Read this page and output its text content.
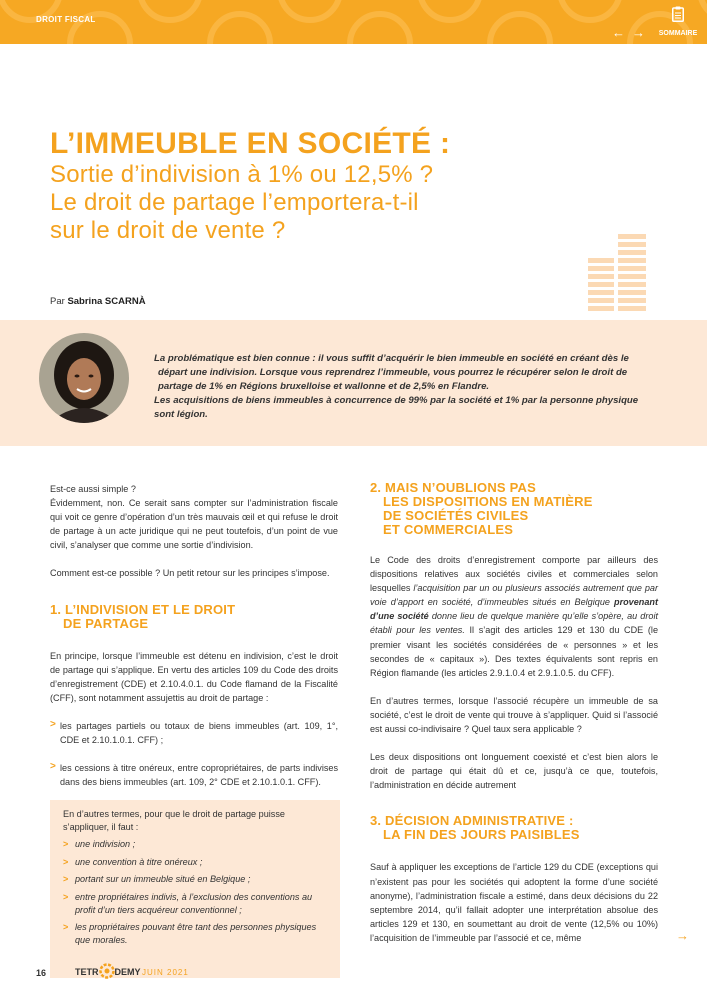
DROIT FISCAL
← →	SOMMAIRE
L’IMMEUBLE EN SOCIÉTÉ :
Sortie d’indivision à 1% ou 12,5% ?
Le droit de partage l’emportera-t-il
sur le droit de vente ?
Par Sabrina SCARNÀ

La problématique est bien connue : il vous suffit d’acquérir le bien immeuble en société en créant dès le

départ une indivision. Lorsque vous reprendrez l’immeuble, vous pourrez le récupérer selon le droit de

partage de 1% en Régions bruxelloise et wallonne et de 2,5% en Flandre.

Les acquisitions de biens immeubles à concurrence de 99% par la société et 1% par la personne physique

sont légion.

Est-ce aussi simple ?

Évidemment, non. Ce serait sans compter sur l’administration fiscale qui voit ce genre d’opération d’un très mauvais œil et qui refuse le droit de partage à un acte juridique qui ne peut toutefois, d’un point de vue civil, s’analyser que comme une sortie d’indivision.

Comment est-ce possible ? Un petit retour sur les principes s’impose.

1. L’INDIVISION ET LE DROIT
DE PARTAGE

En principe, lorsque l’immeuble est détenu en indivision, c’est le droit de partage qui s’applique. En vertu des articles 109 du Code des droits d’enregistrement (CDE) et 2.10.4.0.1. du Code flamand de la Fiscalité (CFF), sont notamment assujettis au droit de partage :

> les partages partiels ou totaux de biens immeubles (art. 109, 1°, CDE et 2.10.1.0.1. CFF) ;
> les cessions à titre onéreux, entre copropriétaires, de parts indivises dans des biens immeubles (art. 109, 2° CDE et 2.10.1.0.1. CFF).
En d’autres termes, pour que le droit de partage puisse s’appliquer, il faut :
> une indivision ;
> une convention à titre onéreux ;
> portant sur un immeuble situé en Belgique ;
> entre propriétaires indivis, à l’exclusion des conventions au profit d’un tiers acquéreur conventionnel ;
> les propriétaires pouvant être tant des personnes physiques que morales.
2. MAIS N’OUBLIONS PAS
LES DISPOSITIONS EN MATIÈRE
DE SOCIÉTÉS CIVILES
ET COMMERCIALES

Le Code des droits d’enregistrement comporte par ailleurs des dispositions relatives aux sociétés civiles et commerciales selon lesquelles l’acquisition par un ou plusieurs associés autrement que par voie d’apport en société, d’immeubles situés en Belgique provenant d’une société donne lieu de quelque manière qu’elle s’opère, au droit établi pour les ventes. Il s’agit des articles 129 et 130 du CDE (le premier visant les sociétés considérées de « personnes » et les secondes de « capitaux »). Des textes équivalents sont repris en Région flamande (les articles 2.9.1.0.4 et 2.9.1.0.5. du CFF).

En d’autres termes, lorsque l’associé récupère un immeuble de sa société, c’est le droit de vente qui trouve à s’appliquer. Quid si l’associé est aussi co-indivisaire ? Quel taux sera applicable ?

Les deux dispositions ont longuement coexisté et c’est bien alors le droit de partage qui était dû et ce, jusqu’à ce que, toutefois, l’administration en décide autrement

3. DÉCISION ADMINISTRATIVE :
LA FIN DES JOURS PAISIBLES

Sauf à appliquer les exceptions de l’article 129 du CDE (exceptions qui n’existent pas pour les sociétés qui adoptent la forme d’une société anonyme), l’administration fiscale a estimé, dans deux décisions du 22 septembre 2014, qu’il fallait adopter une interprétation absolue des articles 129 et 130, en soumettant au droit de vente (12,5% ou 10%) l’acquisition de l’immeuble par l’associé et ce, même

16	TETR DEMY JUIN 2021
→
